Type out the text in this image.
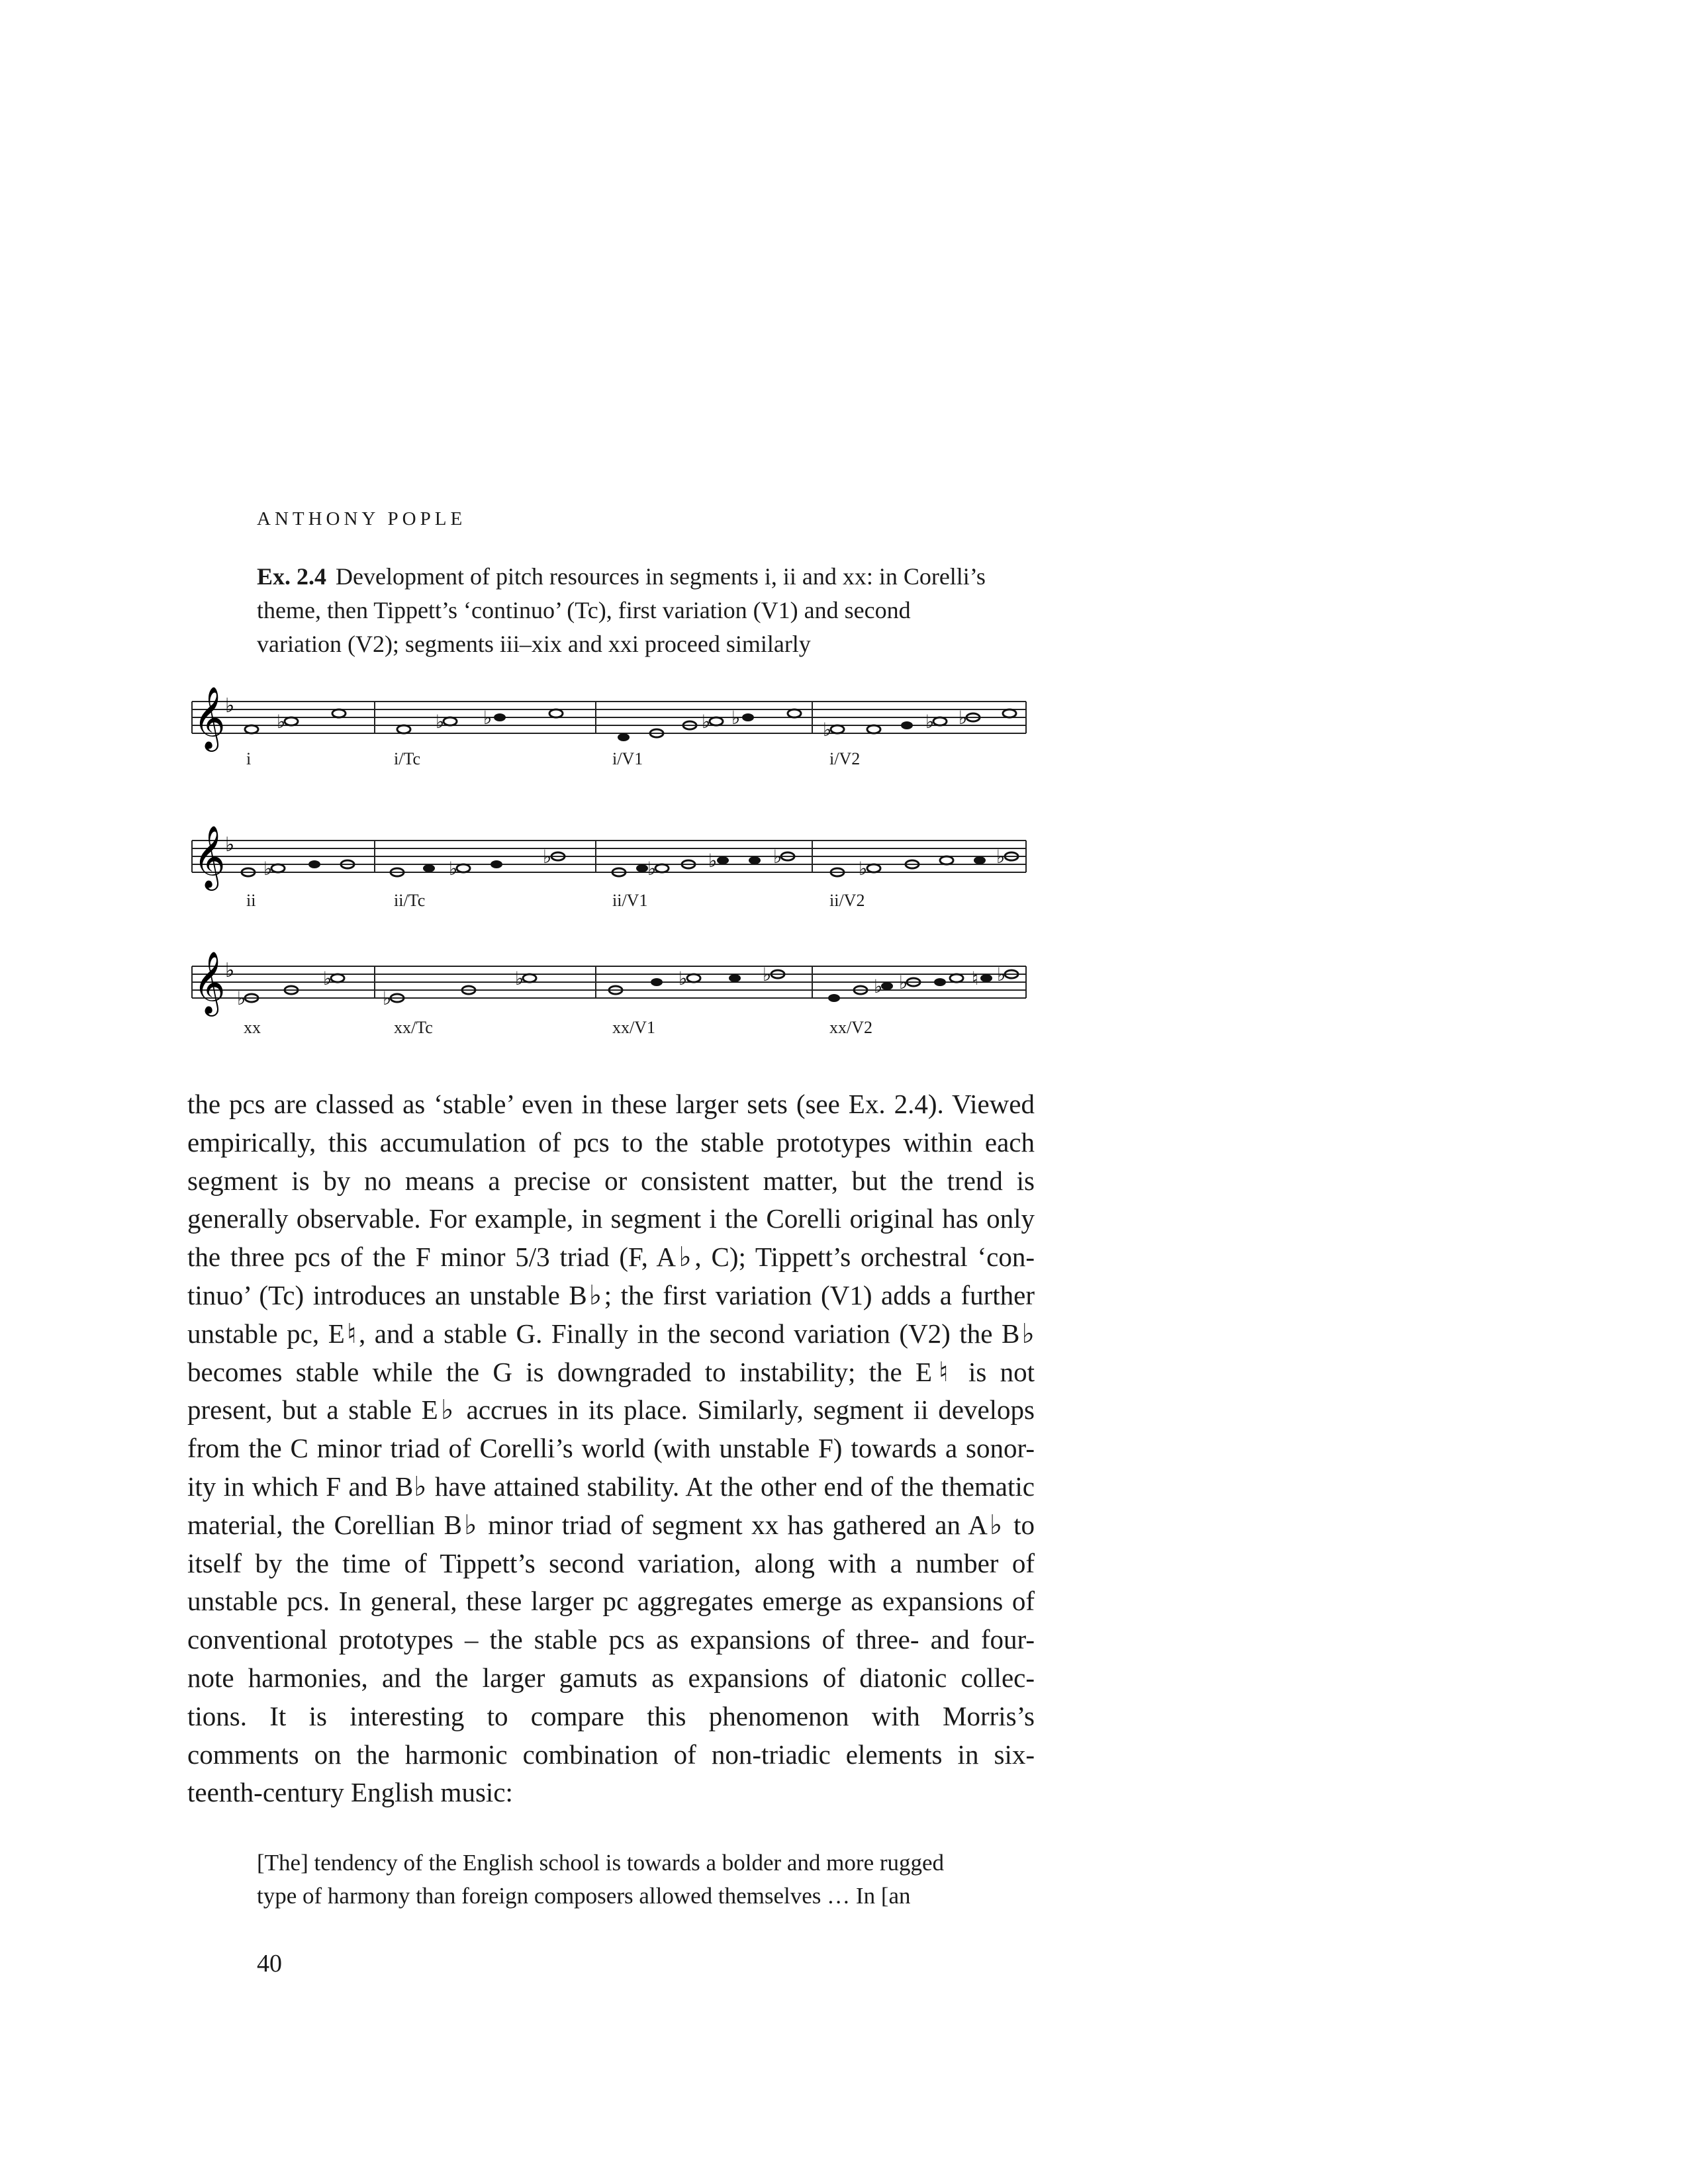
ANTHONY POPLE
Ex. 2.4 Development of pitch resources in segments i, ii and xx: in Corelli’s
theme, then Tippett’s ‘continuo’ (Tc), first variation (V1) and second
variation (V2); segments iii–xix and xxi proceed similarly
𝄞 ♭
♭	♭ ♭	♭ ♭
♭	♭ ♭
i	i/Tc	i/V1	i/V2
𝄞 ♭
♭	♭
♭
♭	♭	♭
♭
♭
ii	ii/Tc	ii/V1	ii/V2
𝄞 ♭
♭
♭
♭
♭	♭	♭
♭ ♭	♮ ♭
xx	xx/Tc	xx/V1	xx/V2
the pcs are classed as ‘stable’ even in these larger sets (see Ex. 2.4). Viewed
empirically, this accumulation of pcs to the stable prototypes within each
segment is by no means a precise or consistent matter, but the trend is
generally observable. For example, in segment i the Corelli original has only
the three pcs of the F minor 5/3 triad (F, A♭, C); Tippett’s orchestral ‘con-
tinuo’ (Tc) introduces an unstable B♭; the first variation (V1) adds a further
unstable pc, E♮, and a stable G. Finally in the second variation (V2) the B♭
becomes stable while the G is downgraded to instability; the E♮ is not
present, but a stable E♭ accrues in its place. Similarly, segment ii develops
from the C minor triad of Corelli’s world (with unstable F) towards a sonor-
ity in which F and B♭ have attained stability. At the other end of the thematic
material, the Corellian B♭ minor triad of segment xx has gathered an A♭ to
itself by the time of Tippett’s second variation, along with a number of
unstable pcs. In general, these larger pc aggregates emerge as expansions of
conventional prototypes – the stable pcs as expansions of three- and four-
note harmonies, and the larger gamuts as expansions of diatonic collec-
tions. It is interesting to compare this phenomenon with Morris’s
comments on the harmonic combination of non-triadic elements in six-
teenth-century English music:
[The] tendency of the English school is towards a bolder and more rugged
type of harmony than foreign composers allowed themselves … In [an
40
